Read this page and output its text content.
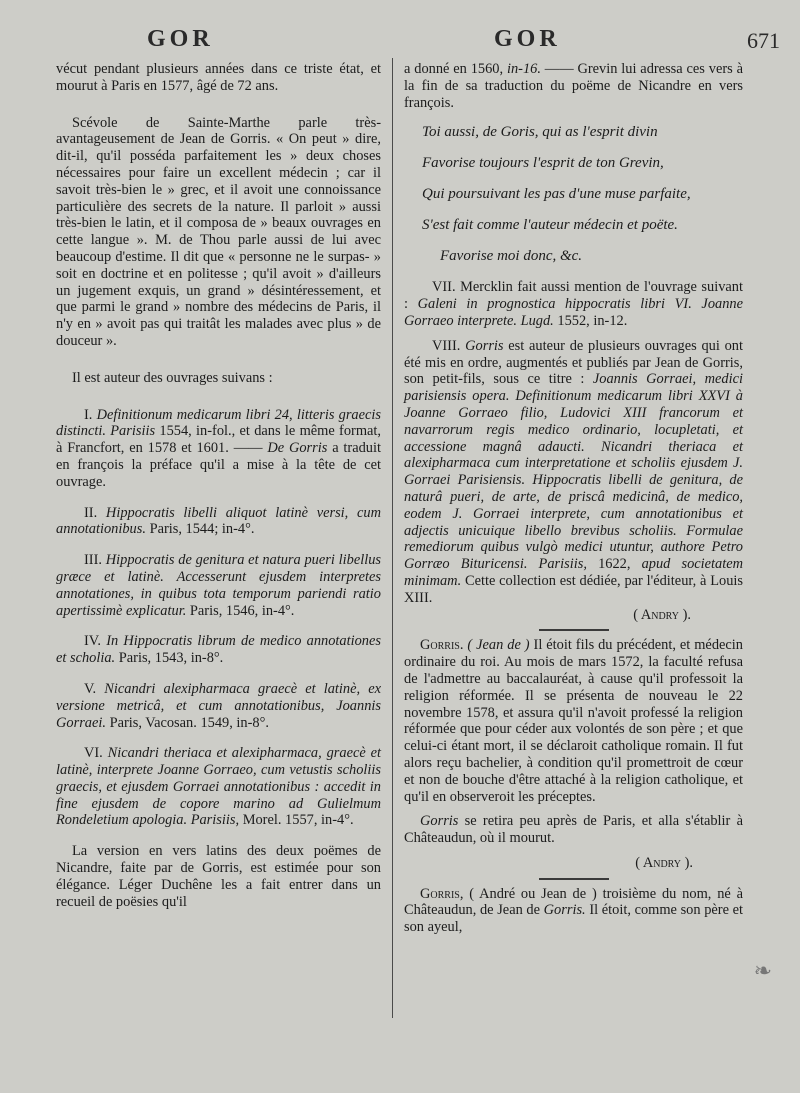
GOR	GOR	671

vécut pendant plusieurs années dans ce triste état, et mourut à Paris en 1577, âgé de 72 ans.

Scévole de Sainte-Marthe parle très-avantageusement de Jean de Gorris. « On peut » dire, dit-il, qu'il posséda parfaitement les » deux choses nécessaires pour faire un excellent médecin ; car il savoit très-bien le » grec, et il avoit une connoissance particulière des secrets de la nature. Il parloit » aussi très-bien le latin, et il composa de » beaux ouvrages en cette langue ». M. de Thou parle aussi de lui avec beaucoup d'estime. Il dit que « personne ne le surpas- » soit en doctrine et en politesse ; qu'il avoit » d'ailleurs un jugement exquis, un grand » désintéressement, et que parmi le grand » nombre des médecins de Paris, il n'y en » avoit pas qui traitât les malades avec plus » de douceur ».

Il est auteur des ouvrages suivans :

I. Definitionum medicarum libri 24, litteris graecis distincti. Parisiis 1554, in-fol., et dans le même format, à Francfort, en 1578 et 1601. —— De Gorris a traduit en françois la préface qu'il a mise à la tête de cet ouvrage.

II. Hippocratis libelli aliquot latinè versi, cum annotationibus. Paris, 1544; in-4°.

III. Hippocratis de genitura et natura pueri libellus græce et latinè. Accesserunt ejusdem interpretes annotationes, in quibus tota temporum pariendi ratio apertissimè explicatur. Paris, 1546, in-4°.

IV. In Hippocratis librum de medico annotationes et scholia. Paris, 1543, in-8°.

V. Nicandri alexipharmaca graecè et latinè, ex versione metricâ, et cum annotationibus, Joannis Gorraei. Paris, Vacosan. 1549, in-8°.

VI. Nicandri theriaca et alexipharmaca, graecè et latinè, interprete Joanne Gorraeo, cum vetustis scholiis graecis, et ejusdem Gorraei annotationibus : accedit in fine ejusdem de copore marino ad Gulielmum Rondeletium apologia. Parisiis, Morel. 1557, in-4°.

La version en vers latins des deux poëmes de Nicandre, faite par de Gorris, est estimée pour son élégance. Léger Duchêne les a fait entrer dans un recueil de poësies qu'il

a donné en 1560, in-16. —— Grevin lui adressa ces vers à la fin de sa traduction du poëme de Nicandre en vers françois.

Toi aussi, de Goris, qui as l'esprit divin

Favorise toujours l'esprit de ton Grevin,

Qui poursuivant les pas d'une muse parfaite,

S'est fait comme l'auteur médecin et poëte.

Favorise moi donc, &c.

VII. Mercklin fait aussi mention de l'ouvrage suivant : Galeni in prognostica hippocratis libri VI. Joanne Gorraeo interprete. Lugd. 1552, in-12.

VIII. Gorris est auteur de plusieurs ouvrages qui ont été mis en ordre, augmentés et publiés par Jean de Gorris, son petit-fils, sous ce titre : Joannis Gorraei, medici parisiensis opera. Definitionum medicarum libri XXVI à Joanne Gorraeo filio, Ludovici XIII francorum et navarrorum regis medico ordinario, locupletati, et accessione magnâ adaucti. Nicandri theriaca et alexipharmaca cum interpretatione et scholiis ejusdem J. Gorraei Parisiensis. Hippocratis libelli de genitura, de naturâ pueri, de arte, de priscâ medicinâ, de medico, eodem J. Gorraei interprete, cum annotationibus et adjectis unicuique libello brevibus scholiis. Formulae remediorum quibus vulgò medici utuntur, authore Petro Gorræo Bituricensi. Parisiis, 1622, apud societatem minimam. Cette collection est dédiée, par l'éditeur, à Louis XIII.

( Andry ).

Gorris. ( Jean de ) Il étoit fils du précédent, et médecin ordinaire du roi. Au mois de mars 1572, la faculté refusa de l'admettre au baccalauréat, à cause qu'il professoit la religion réformée. Il se présenta de nouveau le 22 novembre 1578, et assura qu'il n'avoit professé la religion réformée que pour céder aux volontés de son père ; et que celui-ci étant mort, il se déclaroit catholique romain. Il fut alors reçu bachelier, à condition qu'il promettroit de cœur et non de bouche d'être attaché à la religion catholique, et qu'il en observeroit les préceptes.

Gorris se retira peu après de Paris, et alla s'établir à Châteaudun, où il mourut.

( Andry ).

Gorris, ( André ou Jean de ) troisième du nom, né à Châteaudun, de Jean de Gorris. Il étoit, comme son père et son ayeul,

❧
